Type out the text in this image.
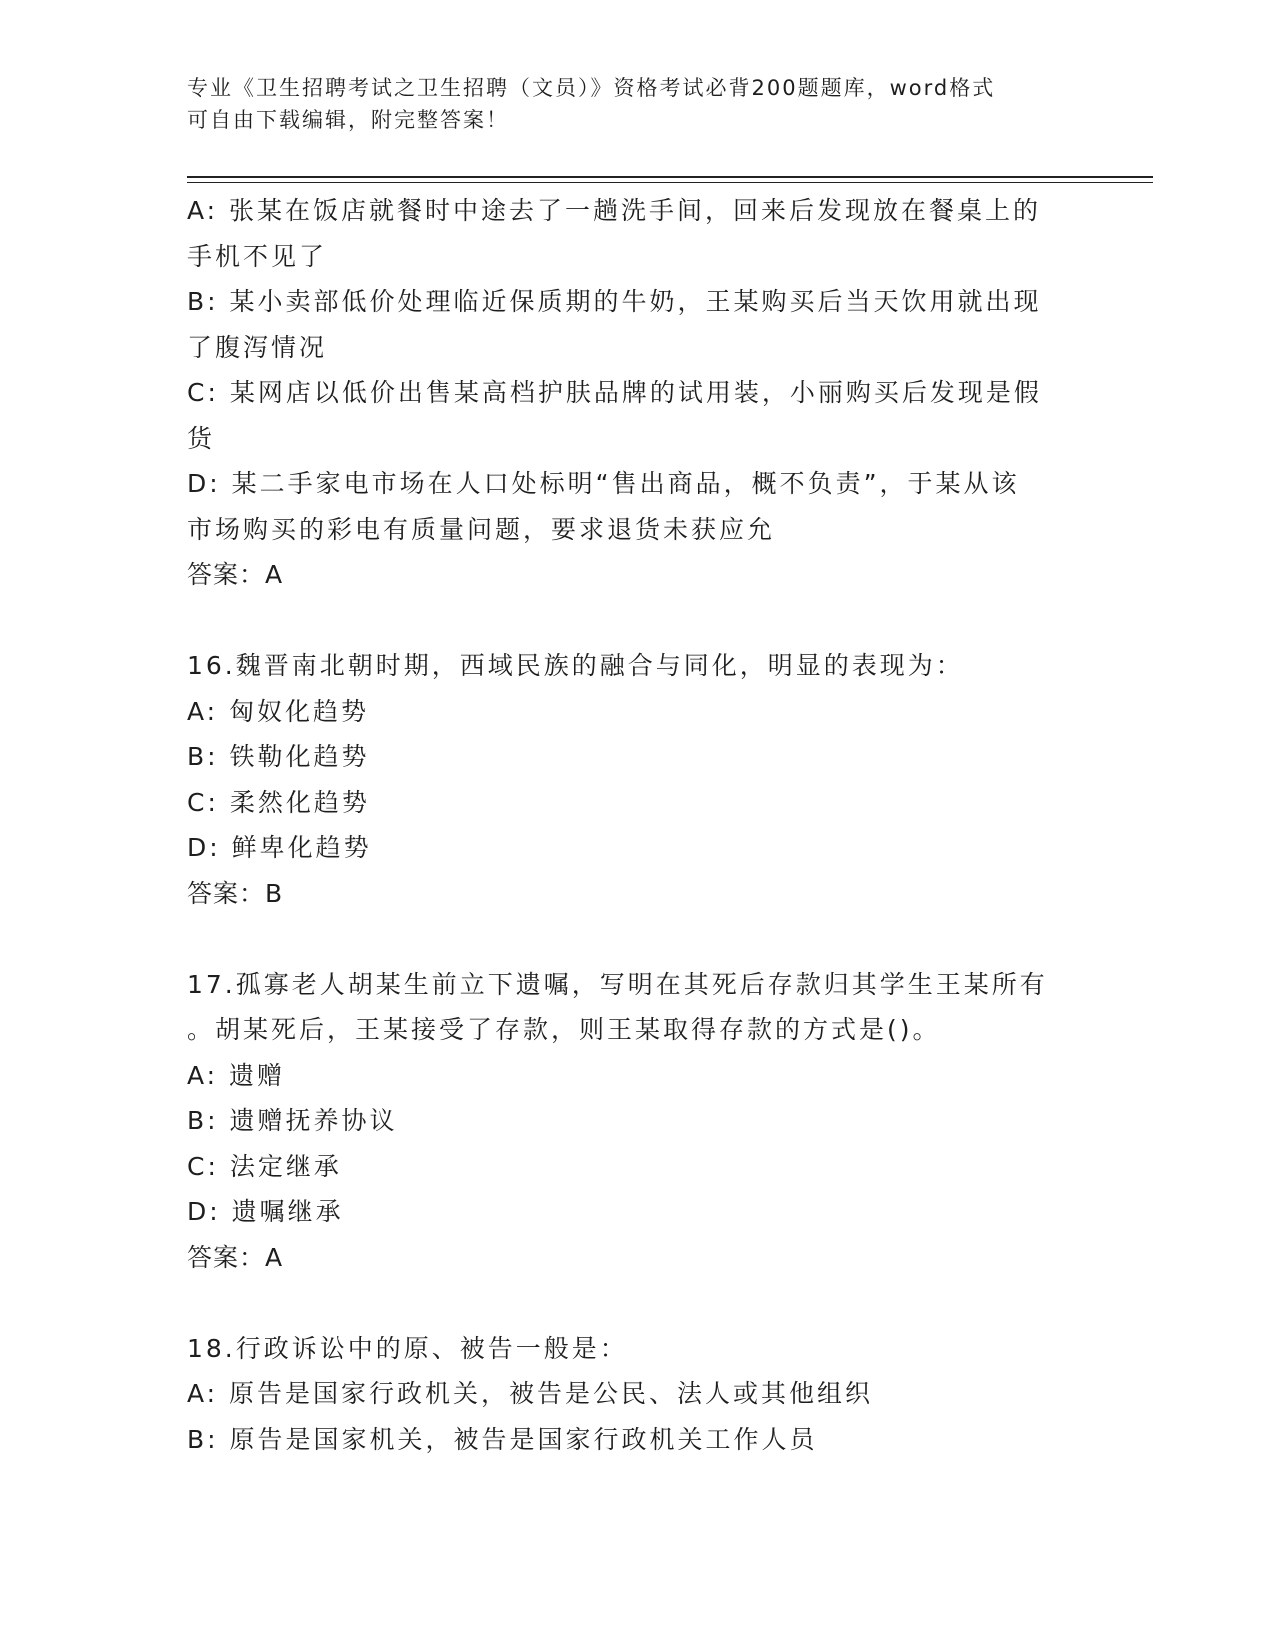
专业《卫生招聘考试之卫生招聘（文员）》资格考试必背200题题库，word格式
可自由下载编辑，附完整答案！
A: 张某在饭店就餐时中途去了一趟洗手间，回来后发现放在餐桌上的
手机不见了
B: 某小卖部低价处理临近保质期的牛奶，王某购买后当天饮用就出现
了腹泻情况
C: 某网店以低价出售某高档护肤品牌的试用装，小丽购买后发现是假
货
D: 某二手家电市场在人口处标明“售出商品，概不负责”，于某从该
市场购买的彩电有质量问题，要求退货未获应允
答案：A
16.魏晋南北朝时期，西域民族的融合与同化，明显的表现为：
A: 匈奴化趋势
B: 铁勒化趋势
C: 柔然化趋势
D: 鲜卑化趋势
答案：B
17.孤寡老人胡某生前立下遗嘱，写明在其死后存款归其学生王某所有
。胡某死后，王某接受了存款，则王某取得存款的方式是()。
A: 遗赠
B: 遗赠抚养协议
C: 法定继承
D: 遗嘱继承
答案：A
18.行政诉讼中的原、被告一般是：
A: 原告是国家行政机关，被告是公民、法人或其他组织
B: 原告是国家机关，被告是国家行政机关工作人员
